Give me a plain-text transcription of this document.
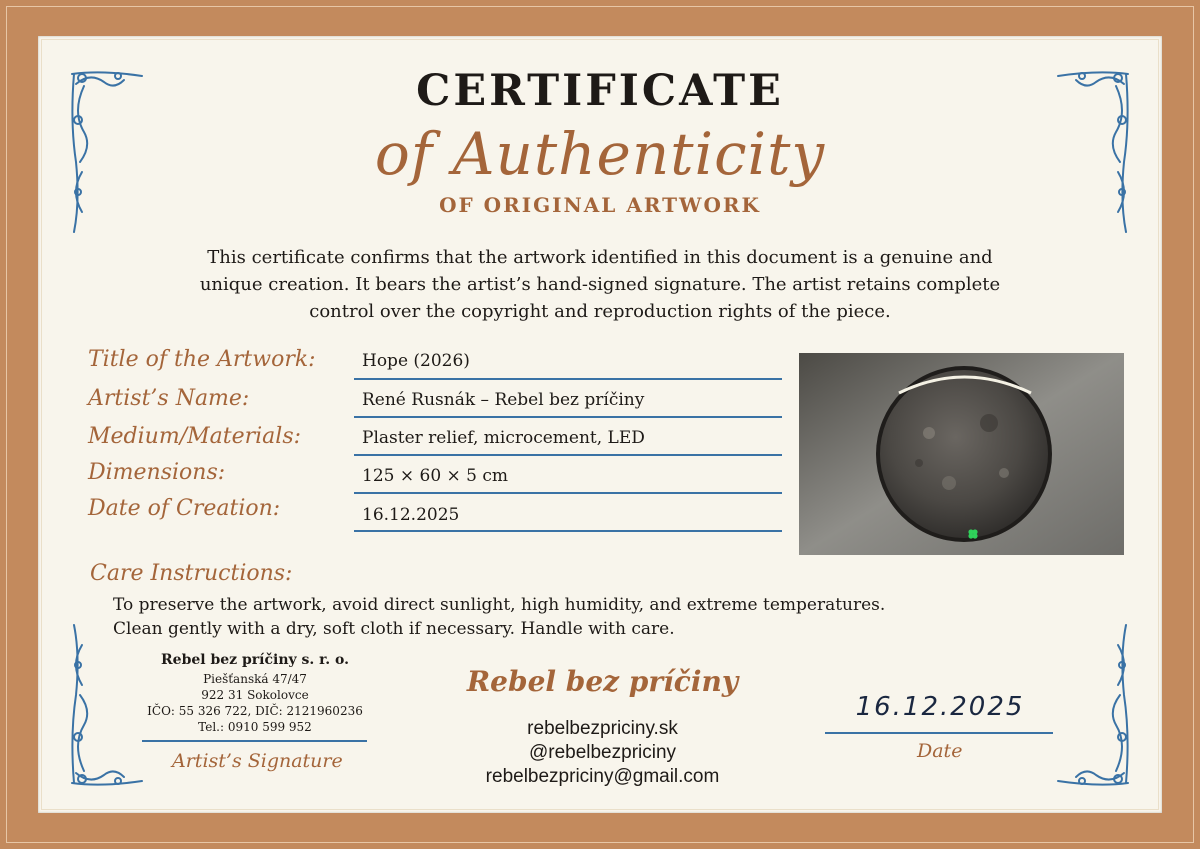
CERTIFICATE
of Authenticity
OF ORIGINAL ARTWORK
This certificate confirms that the artwork identified in this document is a genuine and
unique creation. It bears the artist’s hand-signed signature. The artist retains complete
control over the copyright and reproduction rights of the piece.
Title of the Artwork:	Hope (2026)
Artist’s Name:	René Rusnák – Rebel bez príčiny
Medium/Materials:	Plaster relief, microcement, LED
Dimensions:	125 × 60 × 5 cm
Date of Creation:	16.12.2025
Care Instructions:
To preserve the artwork, avoid direct sunlight, high humidity, and extreme temperatures.
Clean gently with a dry, soft cloth if necessary. Handle with care.
Rebel bez príčiny s. r. o.
Piešťanská 47/47
922 31 Sokolovce
IČO: 55 326 722, DIČ: 2121960236
Tel.: 0910 599 952
Artist’s Signature
Rebel bez príčiny
rebelbezpriciny.sk
@rebelbezpriciny
rebelbezpriciny@gmail.com
16.12.2025
Date
